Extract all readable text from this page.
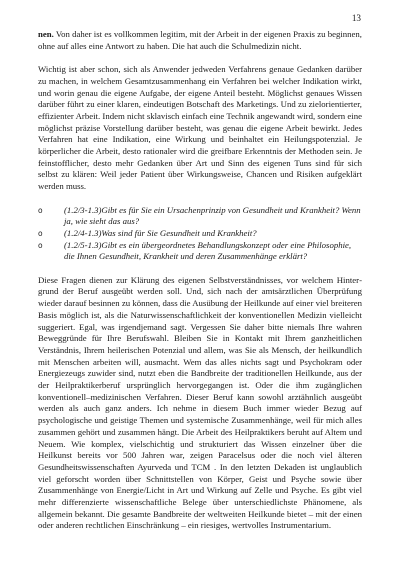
13

nen. Von daher ist es vollkommen legitim, mit der Arbeit in der eigenen Praxis zu beginnen, ohne auf alles eine Antwort zu haben. Die hat auch die Schulmedizin nicht.

Wichtig ist aber schon, sich als Anwender jedweden Verfahrens genaue Gedanken darüber zu machen, in welchem Gesamtzusammenhang ein Verfahren bei welcher Indikation wirkt, und worin genau die eigene Aufgabe, der eigene Anteil besteht. Möglichst genaues Wissen darüber führt zu einer klaren, eindeutigen Botschaft des Marketings. Und zu zielorientierter, effizienter Arbeit. Indem nicht sklavisch einfach eine Technik angewandt wird, sondern eine möglichst präzise Vorstellung darüber besteht, was genau die eigene Arbeit bewirkt. Jedes Verfahren hat eine Indikation, eine Wirkung und beinhaltet ein Heilungspotenzial. Je körperlicher die Arbeit, desto rationaler wird die greifbare Erkenntnis der Methoden sein. Je feinstofflicher, desto mehr Gedanken über Art und Sinn des eigenen Tuns sind für sich selbst zu klären: Weil jeder Patient über Wirkungsweise, Chancen und Risiken aufgeklärt werden muss.

o (1.2/3-1.3)Gibt es für Sie ein Ursachenprinzip von Gesundheit und Krankheit? Wenn ja, wie sieht das aus?
o (1.2/4-1.3)Was sind für Sie Gesundheit und Krankheit?
o (1.2/5-1.3)Gibt es ein übergeordnetes Behandlungskonzept oder eine Philosophie, die Ihnen Gesundheit, Krankheit und deren Zusammenhänge erklärt?

Diese Fragen dienen zur Klärung des eigenen Selbstverständnisses, vor welchem Hintergrund der Beruf ausgeübt werden soll. Und, sich nach der amtsärztlichen Überprüfung wieder darauf besinnen zu können, dass die Ausübung der Heilkunde auf einer viel breiteren Basis möglich ist, als die Naturwissenschaftlichkeit der konventionellen Medizin vielleicht suggeriert. Egal, was irgendjemand sagt. Vergessen Sie daher bitte niemals Ihre wahren Beweggründe für Ihre Berufswahl. Bleiben Sie in Kontakt mit Ihrem ganzheitlichen Verständnis, Ihrem heilerischen Potenzial und allem, was Sie als Mensch, der heilkundlich mit Menschen arbeiten will, ausmacht. Wem das alles nichts sagt und Psychokram oder Energiezeugs zuwider sind, nutzt eben die Bandbreite der traditionellen Heilkunde, aus der der Heilpraktikerberuf ursprünglich hervorgegangen ist. Oder die ihm zugänglichen konventionell–medizinischen Verfahren. Dieser Beruf kann sowohl arztähnlich ausgeübt werden als auch ganz anders. Ich nehme in diesem Buch immer wieder Bezug auf psychologische und geistige Themen und systemische Zusammenhänge, weil für mich alles zusammen gehört und zusammen hängt. Die Arbeit des Heilpraktikers beruht auf Altem und Neuem. Wie komplex, vielschichtig und strukturiert das Wissen einzelner über die Heilkunst bereits vor 500 Jahren war, zeigen Paracelsus oder die noch viel älteren Gesundheitswissenschaften Ayurveda und TCM . In den letzten Dekaden ist unglaublich viel geforscht worden über Schnittstellen von Körper, Geist und Psyche sowie über Zusammenhänge von Energie/Licht in Art und Wirkung auf Zelle und Psyche. Es gibt viel mehr differenzierte wissenschaftliche Belege über unterschiedlichste Phänomene, als allgemein bekannt. Die gesamte Bandbreite der weltweiten Heilkunde bietet – mit der einen oder anderen rechtlichen Einschränkung – ein riesiges, wertvolles Instrumentarium.
